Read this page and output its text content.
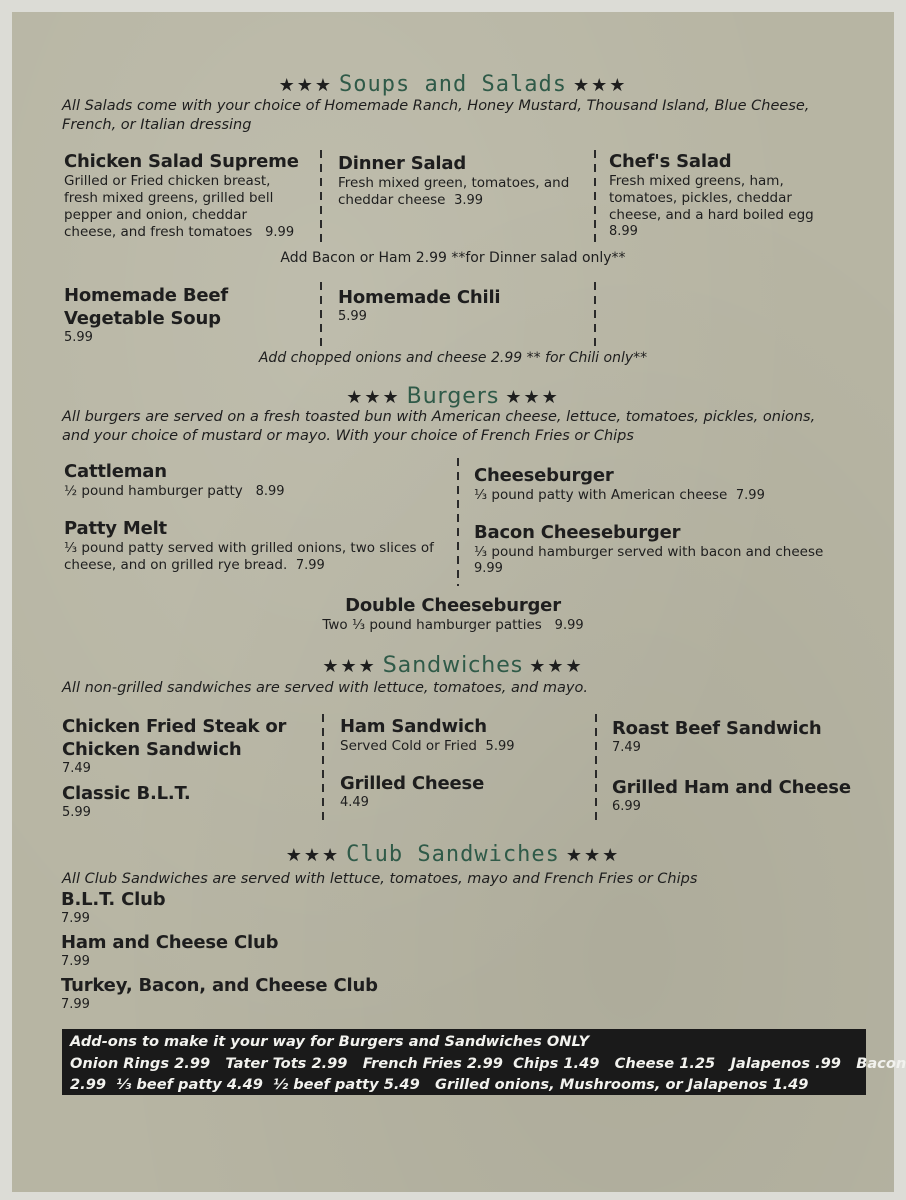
★★★ Soups and Salads ★★★
All Salads come with your choice of Homemade Ranch, Honey Mustard, Thousand Island, Blue Cheese, French, or Italian dressing
Chicken Salad Supreme
Grilled or Fried chicken breast, fresh mixed greens, grilled bell pepper and onion, cheddar cheese, and fresh tomatoes 9.99
Dinner Salad
Fresh mixed green, tomatoes, and cheddar cheese 3.99
Chef's Salad
Fresh mixed greens, ham, tomatoes, pickles, cheddar cheese, and a hard boiled egg
8.99
Add Bacon or Ham 2.99 **for Dinner salad only**
Homemade Beef Vegetable Soup
5.99
Homemade Chili
5.99
Add chopped onions and cheese 2.99 ** for Chili only**
★★★ Burgers ★★★
All burgers are served on a fresh toasted bun with American cheese, lettuce, tomatoes, pickles, onions, and your choice of mustard or mayo. With your choice of French Fries or Chips
Cattleman
½ pound hamburger patty 8.99
Patty Melt
⅓ pound patty served with grilled onions, two slices of cheese, and on grilled rye bread. 7.99
Cheeseburger
⅓ pound patty with American cheese 7.99
Bacon Cheeseburger
⅓ pound hamburger served with bacon and cheese
9.99
Double Cheeseburger
Two ⅓ pound hamburger patties 9.99
★★★ Sandwiches ★★★
All non-grilled sandwiches are served with lettuce, tomatoes, and mayo.
Chicken Fried Steak or Chicken Sandwich
7.49
Classic B.L.T.
5.99
Ham Sandwich
Served Cold or Fried 5.99
Grilled Cheese
4.49
Roast Beef Sandwich
7.49
Grilled Ham and Cheese
6.99
★★★ Club Sandwiches ★★★
All Club Sandwiches are served with lettuce, tomatoes, mayo and French Fries or Chips
B.L.T. Club
7.99
Ham and Cheese Club
7.99
Turkey, Bacon, and Cheese Club
7.99
Add-ons to make it your way for Burgers and Sandwiches ONLY
Onion Rings 2.99   Tater Tots 2.99   French Fries 2.99  Chips 1.49   Cheese 1.25   Jalapenos .99   Bacon
2.99  ⅓ beef patty 4.49  ½ beef patty 5.49   Grilled onions, Mushrooms, or Jalapenos 1.49
